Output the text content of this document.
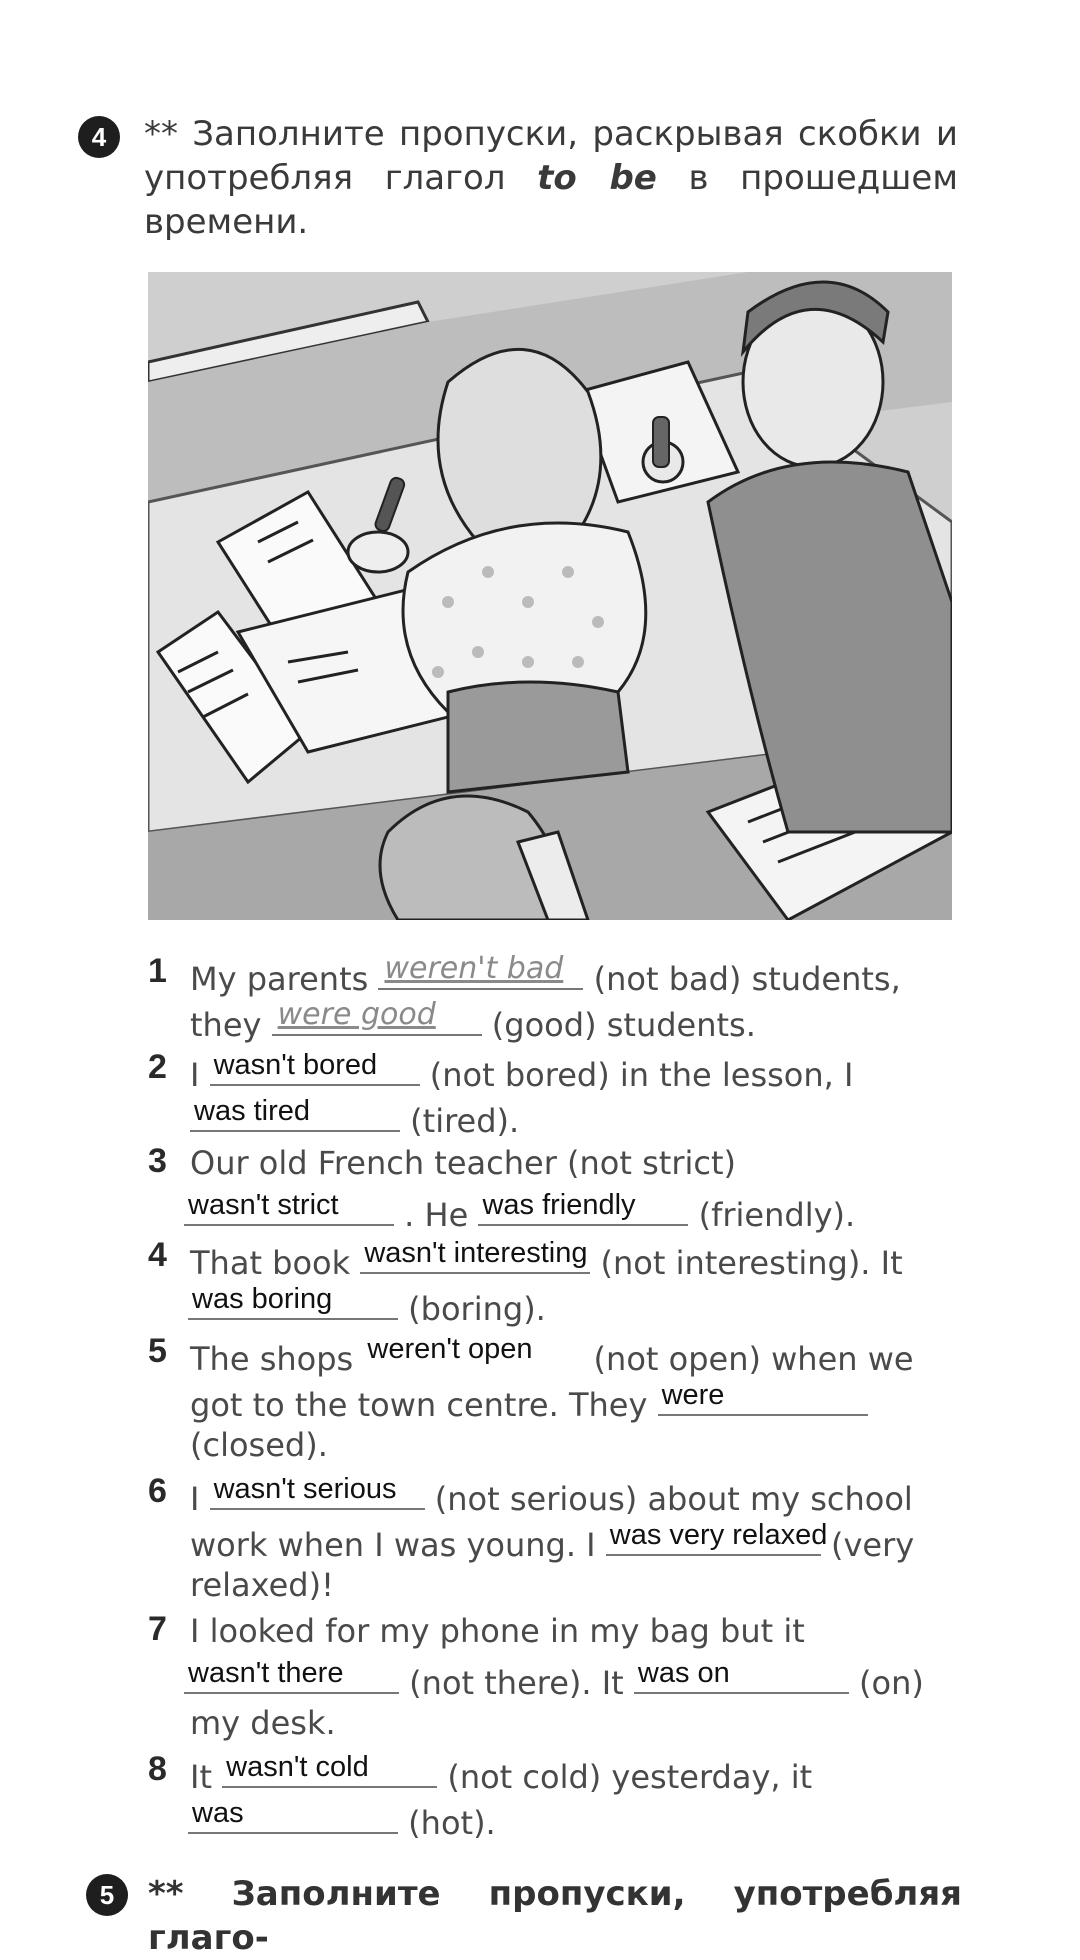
4	** Заполните пропуски, раскрывая скобки и употребляя глагол to be в прошедшем времени.
1 My parents weren't bad (not bad) students,
they were good (good) students.
2 I wasn't bored (not bored) in the lesson, I
was tired	(tired).
3 Our old French teacher (not strict)
wasn't strict . He was friendly (friendly).
4 That book wasn't interesting (not interesting). It
was boring (boring).
5 The shops weren't open (not open) when we
got to the town centre. They were
(closed).
6 I wasn't serious (not serious) about my school
work when I was young. I was very relaxed (very
relaxed)!
7 I looked for my phone in my bag but it
wasn't there (not there). It was on	(on)
my desk.
8 It wasn't cold (not cold) yesterday, it
was	(hot).
5 ** Заполните пропуски, употребляя глаго-
